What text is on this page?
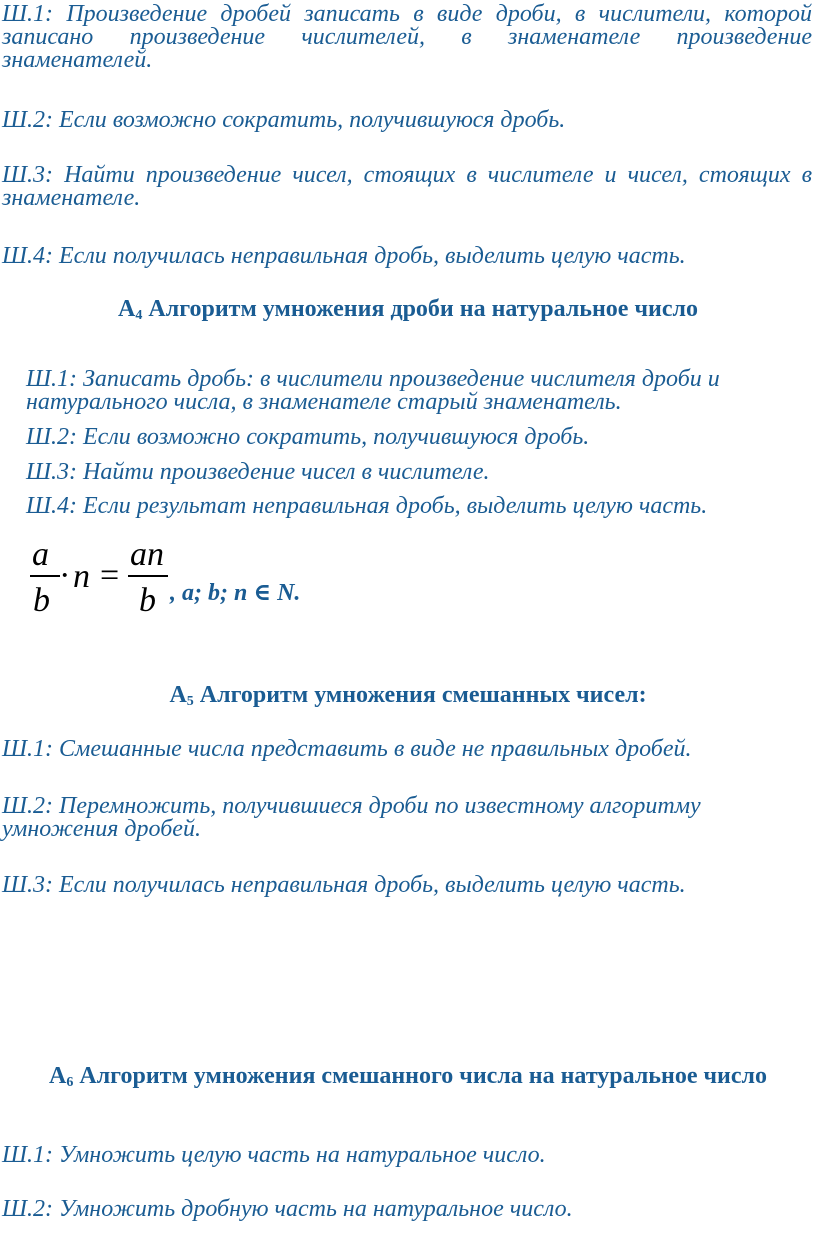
Ш.1: Произведение дробей записать в виде дроби, в числители, которой записано произведение числителей, в знаменателе произведение знаменателей.

Ш.2: Если возможно сократить, получившуюся дробь.

Ш.3: Найти произведение чисел, стоящих в числителе и чисел, стоящих в знаменателе.

Ш.4: Если получилась неправильная дробь, выделить целую часть.

$А_4$ Алгоритм умножения дроби на натуральное число

Ш.1: Записать дробь: в числители произведение числителя дроби и натурального числа, в знаменателе старый знаменатель.

Ш.2: Если возможно сократить, получившуюся дробь.

Ш.3: Найти произведение чисел в числителе.

Ш.4: Если результат неправильная дробь, выделить целую часть.

a
b
· n =
an
b , a; b; n ∈ N.

$А_5$ Алгоритм умножения смешанных чисел:

Ш.1: Смешанные числа представить в виде не правильных дробей.

Ш.2: Перемножить, получившиеся дроби по известному алгоритму умножения дробей.

Ш.3: Если получилась неправильная дробь, выделить целую часть.

$А_6$ Алгоритм умножения смешанного числа на натуральное число

Ш.1: Умножить целую часть на натуральное число.

Ш.2: Умножить дробную часть на натуральное число.
